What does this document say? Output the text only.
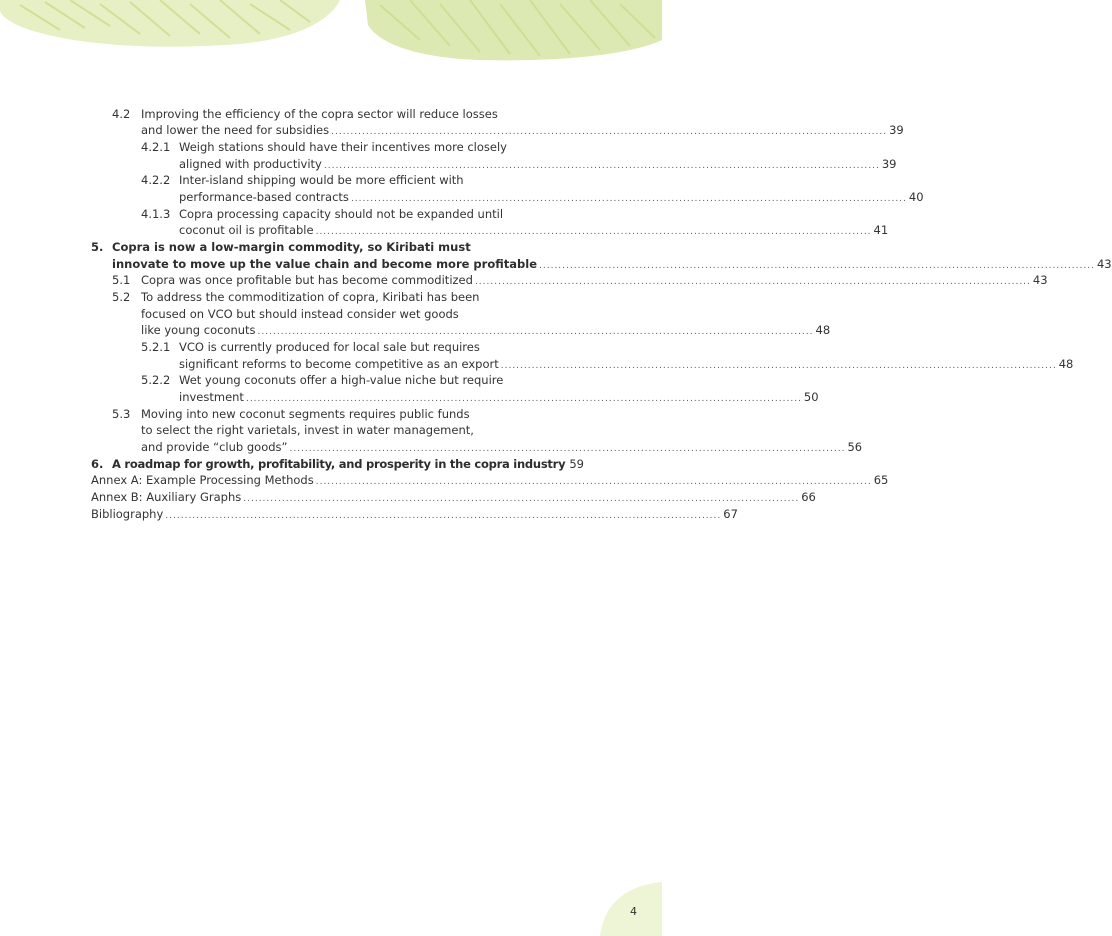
4.2 Improving the efficiency of the copra sector will reduce losses
and lower the need for subsidies ................................................................................................................................................ 39
4.2.1 Weigh stations should have their incentives more closely
aligned with productivity ................................................................................................................................................ 39
4.2.2 Inter-island shipping would be more efficient with
performance-based contracts ................................................................................................................................................ 40
4.1.3 Copra processing capacity should not be expanded until
coconut oil is profitable ................................................................................................................................................ 41
5. Copra is now a low-margin commodity, so Kiribati must
innovate to move up the value chain and become more profitable ................................................................................................................................................ 43
5.1 Copra was once profitable but has become commoditized ................................................................................................................................................ 43
5.2 To address the commoditization of copra, Kiribati has been
focused on VCO but should instead consider wet goods
like young coconuts ................................................................................................................................................ 48
5.2.1 VCO is currently produced for local sale but requires
significant reforms to become competitive as an export ................................................................................................................................................ 48
5.2.2 Wet young coconuts offer a high-value niche but require
investment ................................................................................................................................................ 50
5.3 Moving into new coconut segments requires public funds
to select the right varietals, invest in water management,
and provide “club goods” ................................................................................................................................................ 56
6. A roadmap for growth, profitability, and prosperity in the copra industry 59
Annex A: Example Processing Methods ................................................................................................................................................ 65
Annex B: Auxiliary Graphs ................................................................................................................................................ 66
Bibliography ................................................................................................................................................ 67
4
